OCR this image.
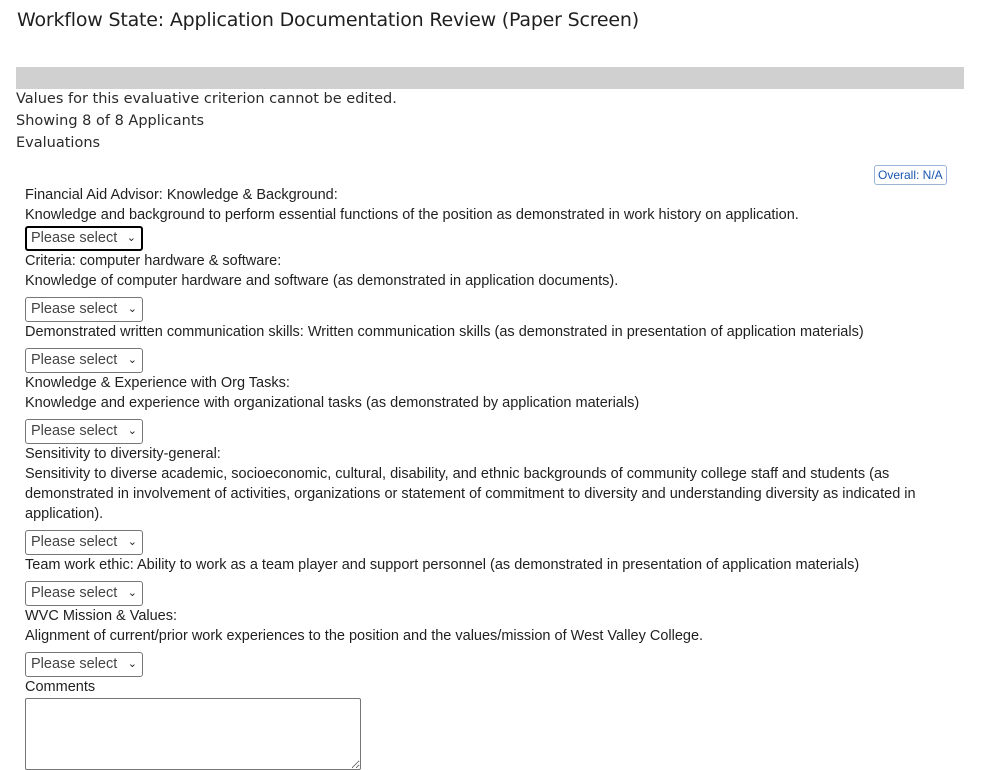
Workflow State: Application Documentation Review (Paper Screen)
Values for this evaluative criterion cannot be edited.
Showing 8 of 8 Applicants
Evaluations
Overall: N/A
Financial Aid Advisor: Knowledge & Background:
Knowledge and background to perform essential functions of the position as demonstrated in work history on application.
Please select ⌄
Criteria: computer hardware & software:
Knowledge of computer hardware and software (as demonstrated in application documents).
Please select ⌄
Demonstrated written communication skills: Written communication skills (as demonstrated in presentation of application materials)
Please select ⌄
Knowledge & Experience with Org Tasks:
Knowledge and experience with organizational tasks (as demonstrated by application materials)
Please select ⌄
Sensitivity to diversity-general:
Sensitivity to diverse academic, socioeconomic, cultural, disability, and ethnic backgrounds of community college staff and students (as demonstrated in involvement of activities, organizations or statement of commitment to diversity and understanding diversity as indicated in application).
Please select ⌄
Team work ethic: Ability to work as a team player and support personnel (as demonstrated in presentation of application materials)
Please select ⌄
WVC Mission & Values:
Alignment of current/prior work experiences to the position and the values/mission of West Valley College.
Please select ⌄
Comments
